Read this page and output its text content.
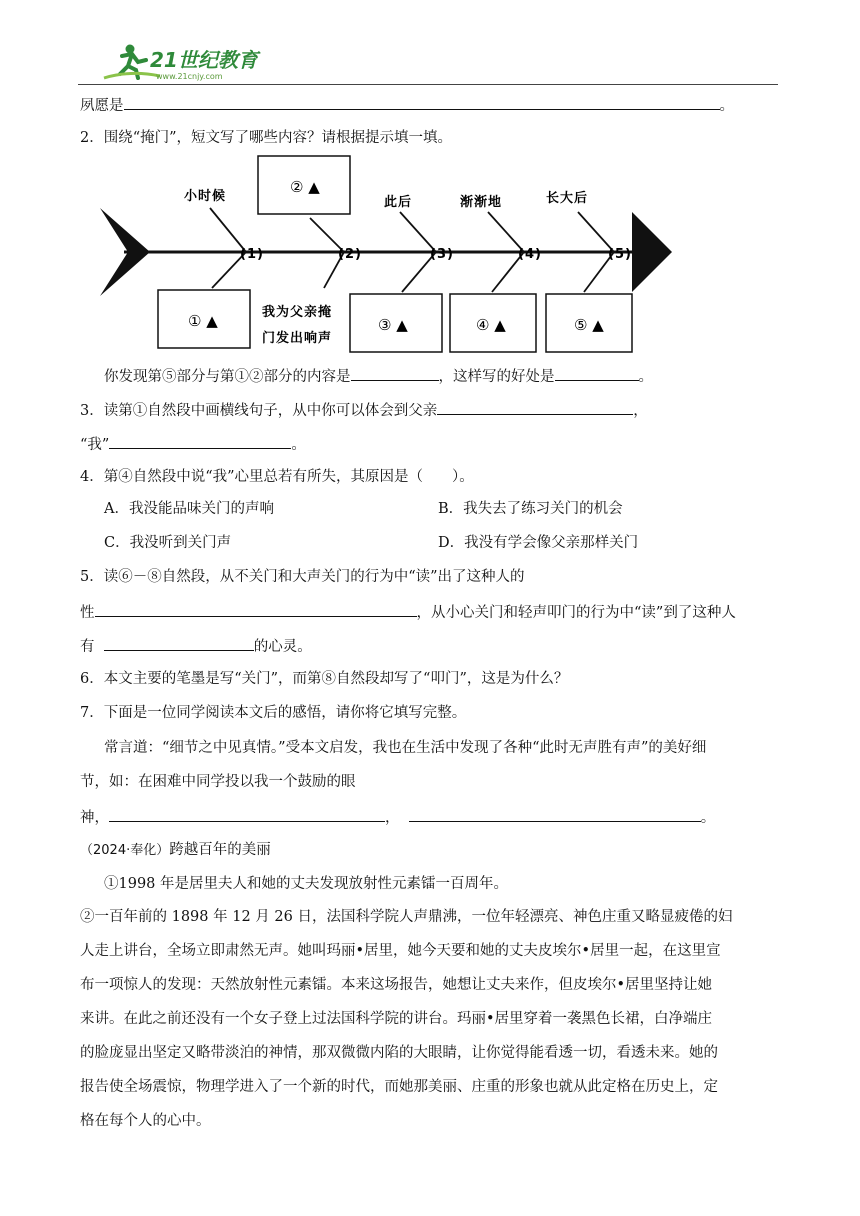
21世纪教育
www.21cnjy.com
夙愿是	。
2．围绕“掩门”，短文写了哪些内容？请根据提示填一填。
(1)	(2)	(3)	(4)	(5)
小时候	此后	渐渐地	长大后
② ▲
① ▲	我为父亲掩
门发出响声
③ ▲	④ ▲	⑤ ▲
你发现第⑤部分与第①②部分的内容是	，这样写的好处是	。
3．读第①自然段中画横线句子，从中你可以体会到父亲	，
“我”	。
4．第④自然段中说“我”心里总若有所失，其原因是（　　）。
A．我没能品味关门的声响	B．我失去了练习关门的机会
C．我没听到关门声	D．我没有学会像父亲那样关门
5．读⑥－⑧自然段，从不关门和大声关门的行为中“读”出了这种人的
性	，从小心关门和轻声叩门的行为中“读”到了这种人
有	的心灵。
6．本文主要的笔墨是写“关门”，而第⑧自然段却写了“叩门”，这是为什么？
7．下面是一位同学阅读本文后的感悟，请你将它填写完整。
常言道：“细节之中见真情。”受本文启发，我也在生活中发现了各种“此时无声胜有声”的美好细
节，如：在困难中同学投以我一个鼓励的眼
神，	，	。
（2024·奉化）跨越百年的美丽
①1998 年是居里夫人和她的丈夫发现放射性元素镭一百周年。
②一百年前的 1898 年 12 月 26 日，法国科学院人声鼎沸，一位年轻漂亮、神色庄重又略显疲倦的妇
人走上讲台，全场立即肃然无声。她叫玛丽•居里，她今天要和她的丈夫皮埃尔•居里一起，在这里宣
布一项惊人的发现：天然放射性元素镭。本来这场报告，她想让丈夫来作，但皮埃尔•居里坚持让她
来讲。在此之前还没有一个女子登上过法国科学院的讲台。玛丽•居里穿着一袭黑色长裙，白净端庄
的脸庞显出坚定又略带淡泊的神情，那双微微内陷的大眼睛，让你觉得能看透一切，看透未来。她的
报告使全场震惊，物理学进入了一个新的时代，而她那美丽、庄重的形象也就从此定格在历史上，定
格在每个人的心中。
